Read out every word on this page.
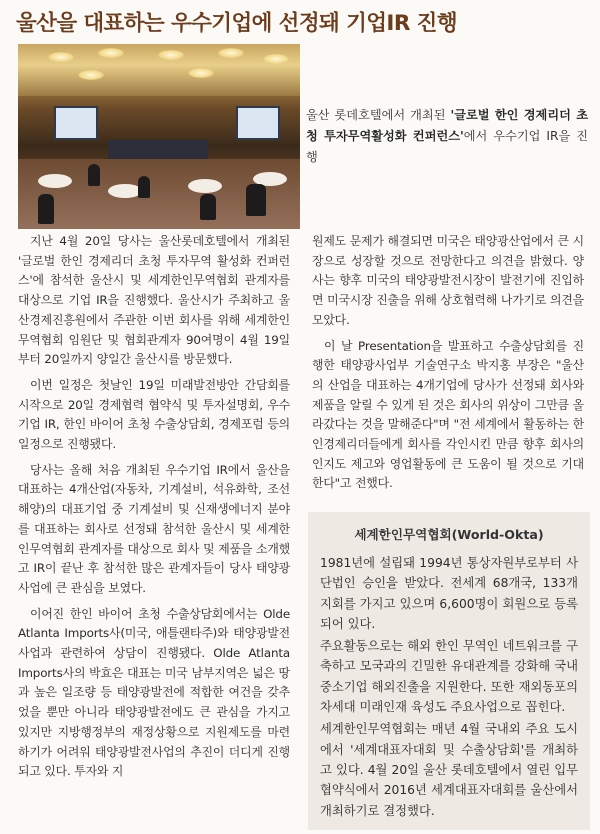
울산을 대표하는 우수기업에 선정돼 기업IR 진행
울산 롯데호텔에서 개최된 '글로벌 한인 경제리더 초청 투자무역활성화 컨퍼런스'에서 우수기업 IR을 진행

지난 4월 20일 당사는 울산롯데호텔에서 개최된 '글로벌 한인 경제리더 초청 투자무역 활성화 컨퍼런스'에 참석한 울산시 및 세계한인무역협회 관계자를 대상으로 기업 IR을 진행했다. 울산시가 주최하고 울산경제진흥원에서 주관한 이번 회사를 위해 세계한인무역협회 임원단 및 협회관계자 90여명이 4월 19일부터 20일까지 양일간 울산시를 방문했다.

이번 일정은 첫날인 19일 미래발전방안 간담회를 시작으로 20일 경제협력 협약식 및 투자설명회, 우수기업 IR, 한인 바이어 초청 수출상담회, 경제포럼 등의 일정으로 진행됐다.

당사는 올해 처음 개최된 우수기업 IR에서 울산을 대표하는 4개산업(자동차, 기계설비, 석유화학, 조선해양)의 대표기업 중 기계설비 및 신재생에너지 분야를 대표하는 회사로 선정돼 참석한 울산시 및 세계한인무역협회 관계자를 대상으로 회사 및 제품을 소개했고 IR이 끝난 후 참석한 많은 관계자들이 당사 태양광사업에 큰 관심을 보였다.

이어진 한인 바이어 초청 수출상담회에서는 Olde Atlanta Imports사(미국, 애틀랜타주)와 태양광발전사업과 관련하여 상담이 진행됐다. Olde Atlanta Imports사의 박효은 대표는 미국 남부지역은 넓은 땅과 높은 일조량 등 태양광발전에 적합한 여건을 갖추었을 뿐만 아니라 태양광발전에도 큰 관심을 가지고 있지만 지방행정부의 재정상황으로 지원제도를 마련하기가 어려워 태양광발전사업의 추진이 더디게 진행되고 있다. 투자와 지

원제도 문제가 해결되면 미국은 태양광산업에서 큰 시장으로 성장할 것으로 전망한다고 의견을 밝혔다. 양사는 향후 미국의 태양광발전시장이 발전기에 진입하면 미국시장 진출을 위해 상호협력해 나가기로 의견을 모았다.

이 날 Presentation을 발표하고 수출상담회를 진행한 태양광사업부 기술연구소 박지홍 부장은 "울산의 산업을 대표하는 4개기업에 당사가 선정돼 회사와 제품을 알릴 수 있게 된 것은 회사의 위상이 그만큼 올라갔다는 것을 말해준다"며 "전 세계에서 활동하는 한인경제리더들에게 회사를 각인시킨 만큼 향후 회사의 인지도 제고와 영업활동에 큰 도움이 될 것으로 기대한다"고 전했다.

세계한인무역협회(World-Okta)

1981년에 설립돼 1994년 통상자원부로부터 사단법인 승인을 받았다. 전세계 68개국, 133개 지회를 가지고 있으며 6,600명이 회원으로 등록되어 있다.

주요활동으로는 해외 한인 무역인 네트워크를 구축하고 모국과의 긴밀한 유대관계를 강화해 국내 중소기업 해외진출을 지원한다. 또한 재외동포의 차세대 미래인재 육성도 주요사업으로 꼽힌다.

세계한인무역협회는 매년 4월 국내외 주요 도시에서 '세계대표자대회 및 수출상담회'를 개최하고 있다. 4월 20일 울산 롯데호텔에서 열린 입무협약식에서 2016년 세계대표자대회를 울산에서 개최하기로 결정했다.
